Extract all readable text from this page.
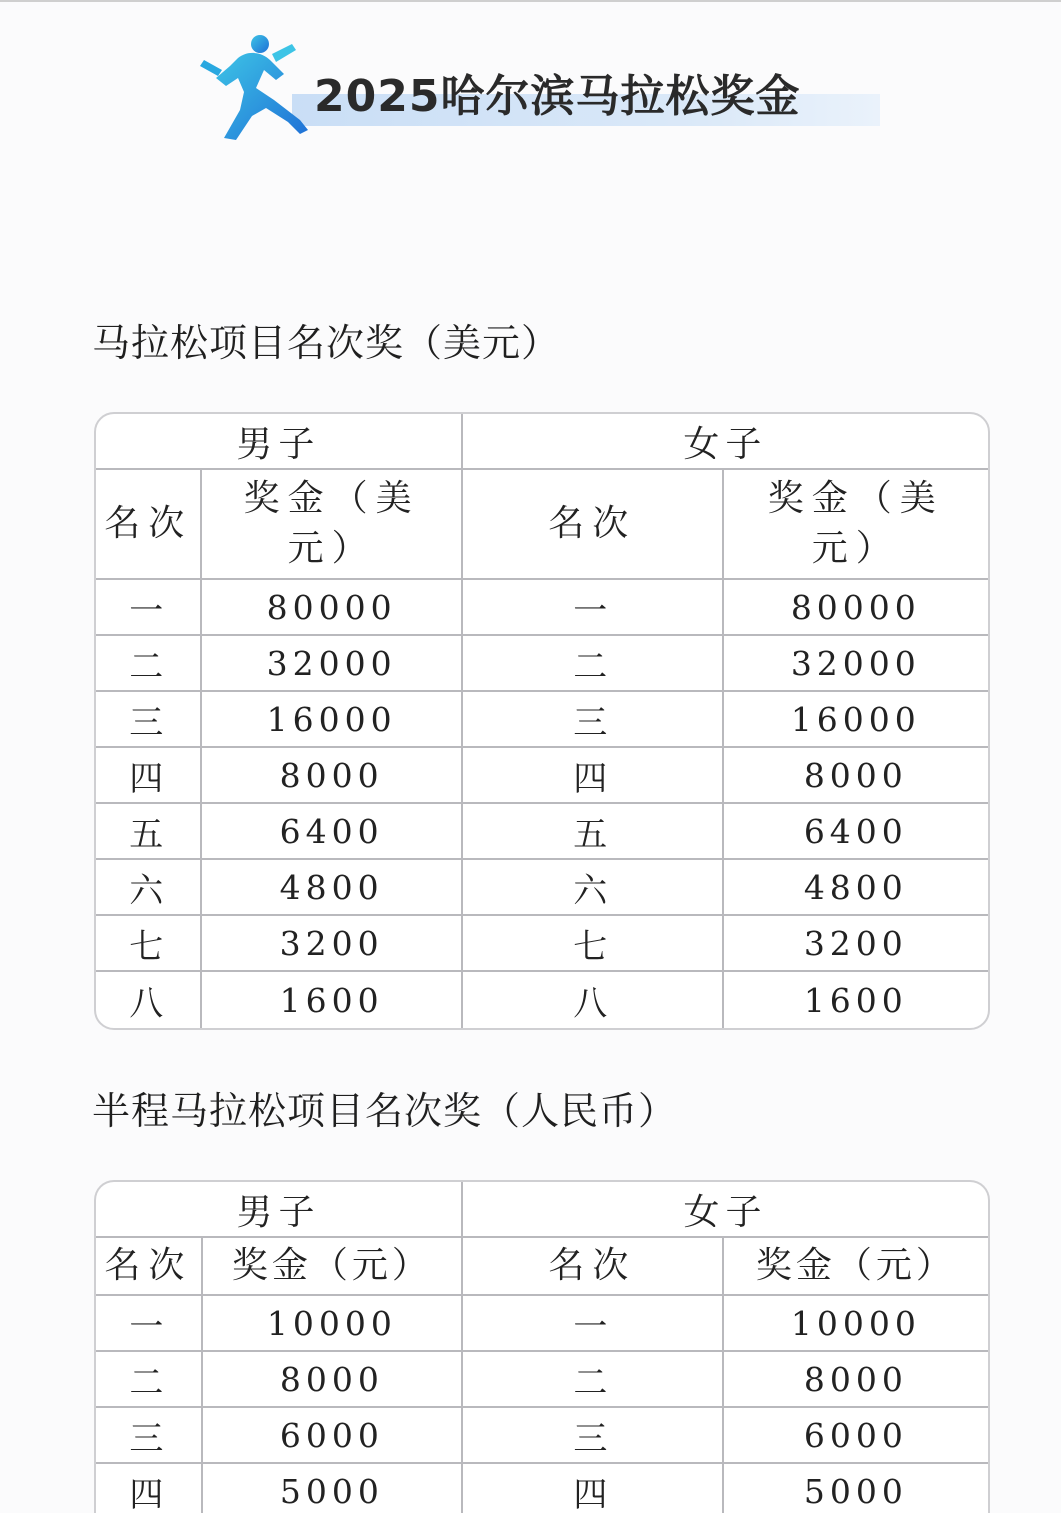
2025哈尔滨马拉松奖金
马拉松项目名次奖（美元）
男子		女子	
名次	奖金（美元）	名次	奖金（美元）
一	80000	一	80000
二	32000	二	32000
三	16000	三	16000
四	8000	四	8000
五	6400	五	6400
六	4800	六	4800
七	3200	七	3200
八	1600	八	1600
半程马拉松项目名次奖（人民币）
男子		女子	
名次	奖金（元）	名次	奖金（元）
一	10000	一	10000
二	8000	二	8000
三	6000	三	6000
四	5000	四	5000
